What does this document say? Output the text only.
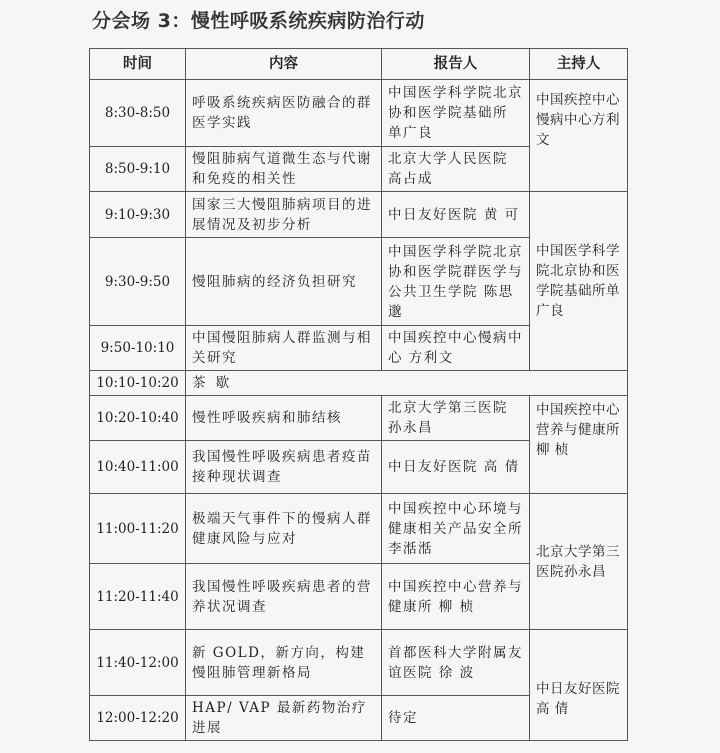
分会场 3：慢性呼吸系统疾病防治行动
时间	内容	报告人	主持人
8:30-8:50	呼吸系统疾病医防融合的群医学实践	中国医学科学院北京协和医学院基础所 单广良	中国疾控中心慢病中心方利文
8:50-9:10	慢阻肺病气道微生态与代谢和免疫的相关性	北京大学人民医院 高占成	
9:10-9:30	国家三大慢阻肺病项目的进展情况及初步分析	中日友好医院 黄 可	中国医学科学院北京协和医学院基础所单广良
9:30-9:50	慢阻肺病的经济负担研究	中国医学科学院北京协和医学院群医学与公共卫生学院 陈思邈	
9:50-10:10	中国慢阻肺病人群监测与相关研究	中国疾控中心慢病中心 方利文	
10:10-10:20	茶 歇		
10:20-10:40	慢性呼吸疾病和肺结核	北京大学第三医院 孙永昌	中国疾控中心营养与健康所 柳 桢
10:40-11:00	我国慢性呼吸疾病患者疫苗接种现状调查	中日友好医院 高 倩	
11:00-11:20	极端天气事件下的慢病人群健康风险与应对	中国疾控中心环境与健康相关产品安全所 李湉湉	北京大学第三医院孙永昌
11:20-11:40	我国慢性呼吸疾病患者的营养状况调查	中国疾控中心营养与健康所 柳 桢	
11:40-12:00	新 GOLD，新方向，构建慢阻肺管理新格局	首都医科大学附属友谊医院 徐 波	中日友好医院 高 倩
12:00-12:20	HAP/ VAP 最新药物治疗进展	待定	
